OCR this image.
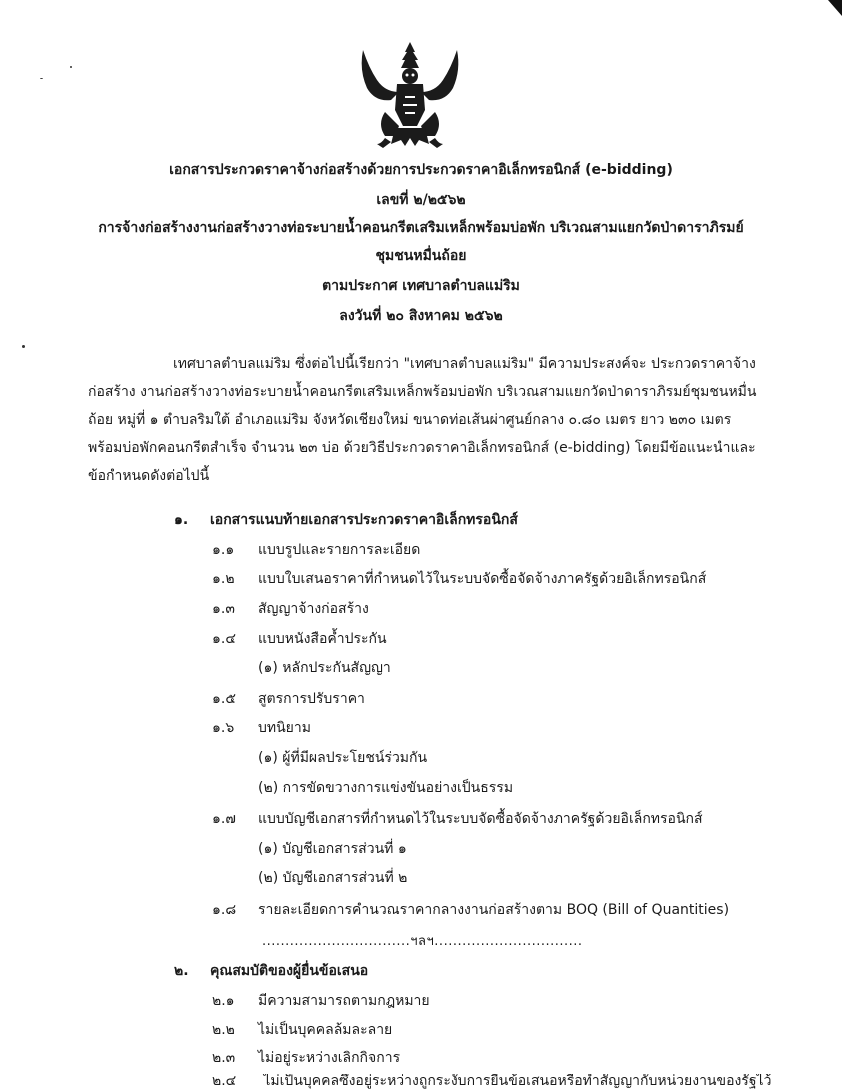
เอกสารประกวดราคาจ้างก่อสร้างด้วยการประกวดราคาอิเล็กทรอนิกส์ (e-bidding)
เลขที่ ๒/๒๕๖๒
การจ้างก่อสร้างงานก่อสร้างวางท่อระบายน้ำคอนกรีตเสริมเหล็กพร้อมบ่อพัก บริเวณสามแยกวัดป่าดาราภิรมย์
ชุมชนหมื่นถ้อย
ตามประกาศ เทศบาลตำบลแม่ริม
ลงวันที่ ๒๐ สิงหาคม ๒๕๖๒
เทศบาลตำบลแม่ริม ซึ่งต่อไปนี้เรียกว่า "เทศบาลตำบลแม่ริม" มีความประสงค์จะ ประกวดราคาจ้าง
ก่อสร้าง งานก่อสร้างวางท่อระบายน้ำคอนกรีตเสริมเหล็กพร้อมบ่อพัก บริเวณสามแยกวัดป่าดาราภิรมย์ชุมชนหมื่น
ถ้อย หมู่ที่ ๑ ตำบลริมใต้ อำเภอแม่ริม จังหวัดเชียงใหม่ ขนาดท่อเส้นผ่าศูนย์กลาง ๐.๘๐ เมตร ยาว ๒๓๐ เมตร
พร้อมบ่อพักคอนกรีตสำเร็จ จำนวน ๒๓ บ่อ ด้วยวิธีประกวดราคาอิเล็กทรอนิกส์ (e-bidding) โดยมีข้อแนะนำและ
ข้อกำหนดดังต่อไปนี้
๑. เอกสารแนบท้ายเอกสารประกวดราคาอิเล็กทรอนิกส์
๑.๑ แบบรูปและรายการละเอียด
๑.๒ แบบใบเสนอราคาที่กำหนดไว้ในระบบจัดซื้อจัดจ้างภาครัฐด้วยอิเล็กทรอนิกส์
๑.๓ สัญญาจ้างก่อสร้าง
๑.๔ แบบหนังสือค้ำประกัน
(๑) หลักประกันสัญญา
๑.๕ สูตรการปรับราคา
๑.๖ บทนิยาม
(๑) ผู้ที่มีผลประโยชน์ร่วมกัน
(๒) การขัดขวางการแข่งขันอย่างเป็นธรรม
๑.๗ แบบบัญชีเอกสารที่กำหนดไว้ในระบบจัดซื้อจัดจ้างภาครัฐด้วยอิเล็กทรอนิกส์
(๑) บัญชีเอกสารส่วนที่ ๑
(๒) บัญชีเอกสารส่วนที่ ๒
๑.๘ รายละเอียดการคำนวณราคากลางงานก่อสร้างตาม BOQ (Bill of Quantities)
................................ฯลฯ................................
๒. คุณสมบัติของผู้ยื่นข้อเสนอ
๒.๑ มีความสามารถตามกฎหมาย
๒.๒ ไม่เป็นบุคคลล้มละลาย
๒.๓ ไม่อยู่ระหว่างเลิกกิจการ
๒.๔ ไม่เป็นบุคคลซึ่งอยู่ระหว่างถูกระงับการยื่นข้อเสนอหรือทำสัญญากับหน่วยงานของรัฐไว้
